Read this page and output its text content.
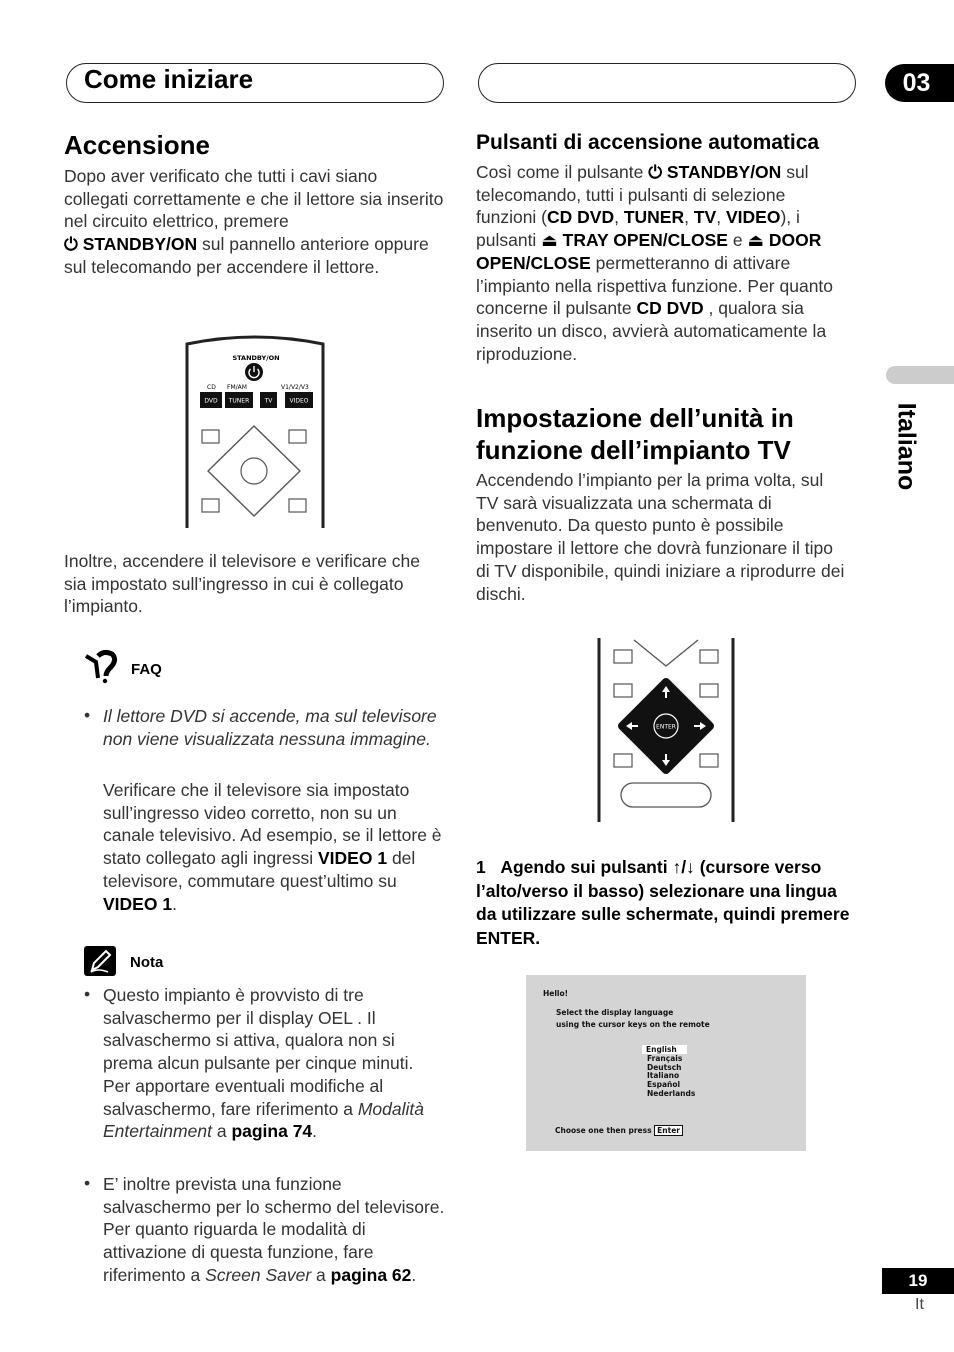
Come iniziare	03
Italiano
Accensione
Dopo aver verificato che tutti i cavi siano collegati correttamente e che il lettore sia inserito nel circuito elettrico, premere
⏻ STANDBY/ON sul pannello anteriore oppure sul telecomando per accendere il lettore.
STANDBY/ON
CD FM/AM	V1/V2/V3
DVD TUNER	TV	VIDEO
Inoltre, accendere il televisore e verificare che sia impostato sull’ingresso in cui è collegato l’impianto.
FAQ
• Il lettore DVD si accende, ma sul televisore non viene visualizzata nessuna immagine.
Verificare che il televisore sia impostato sull’ingresso video corretto, non su un canale televisivo. Ad esempio, se il lettore è stato collegato agli ingressi VIDEO 1 del televisore, commutare quest’ultimo su VIDEO 1.
Nota
• Questo impianto è provvisto di tre salvaschermo per il display OEL . Il salvaschermo si attiva, qualora non si prema alcun pulsante per cinque minuti. Per apportare eventuali modifiche al salvaschermo, fare riferimento a Modalità Entertainment a pagina 74.
• E’ inoltre prevista una funzione salvaschermo per lo schermo del televisore. Per quanto riguarda le modalità di attivazione di questa funzione, fare riferimento a Screen Saver a pagina 62.
Pulsanti di accensione automatica
Così come il pulsante ⏻ STANDBY/ON sul telecomando, tutti i pulsanti di selezione funzioni (CD DVD, TUNER, TV, VIDEO), i pulsanti ⏏ TRAY OPEN/CLOSE e ⏏ DOOR OPEN/CLOSE permetteranno di attivare l’impianto nella rispettiva funzione. Per quanto concerne il pulsante CD DVD , qualora sia inserito un disco, avvierà automaticamente la riproduzione.
Impostazione dell’unità in funzione dell’impianto TV
Accendendo l’impianto per la prima volta, sul TV sarà visualizzata una schermata di benvenuto. Da questo punto è possibile impostare il lettore che dovrà funzionare il tipo di TV disponibile, quindi iniziare a riprodurre dei dischi.
ENTER
1 Agendo sui pulsanti ↑/↓ (cursore verso l’alto/verso il basso) selezionare una lingua da utilizzare sulle schermate, quindi premere ENTER.
Hello!
Select the display language
using the cursor keys on the remote
English
Français
Deutsch
Italiano
Español
Nederlands
Choose one then press Enter
19
It
